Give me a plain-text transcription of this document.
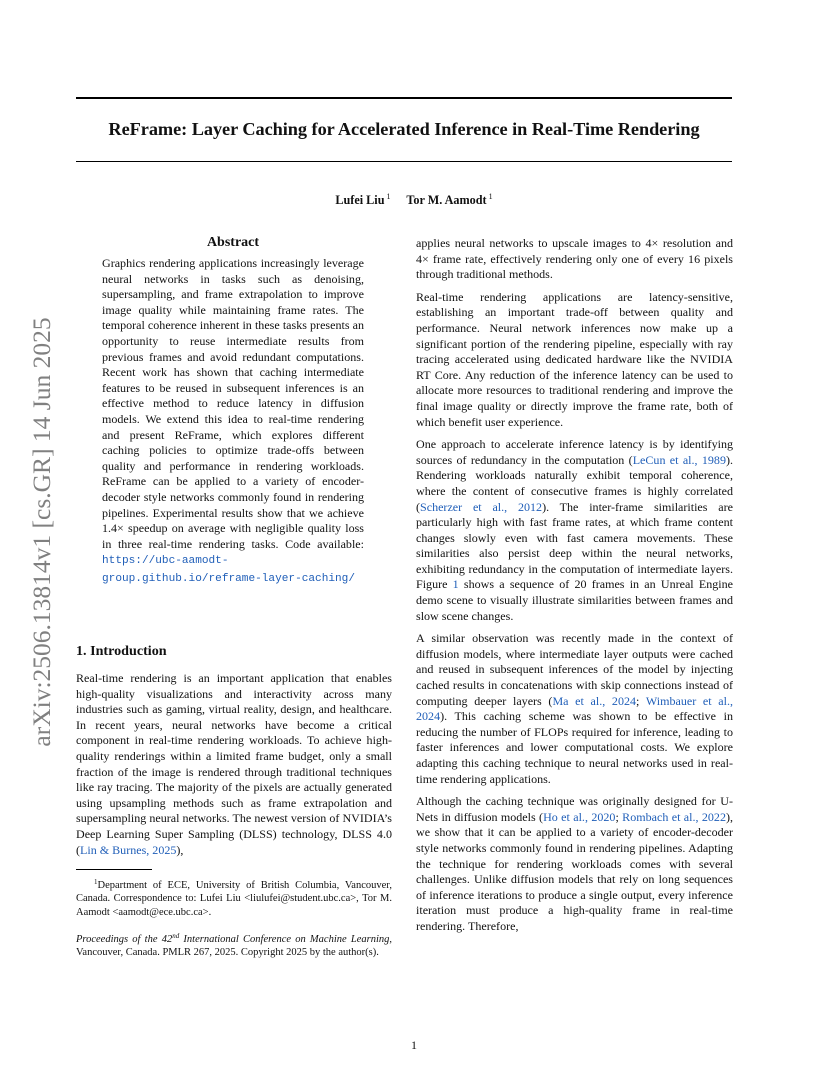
ReFrame: Layer Caching for Accelerated Inference in Real-Time Rendering
Lufei Liu $^1$ Tor M. Aamodt $^1$
arXiv:2506.13814v1 [cs.GR] 14 Jun 2025
Abstract

Graphics rendering applications increasingly leverage neural networks in tasks such as denoising, supersampling, and frame extrapolation to improve image quality while maintaining frame rates. The temporal coherence inherent in these tasks presents an opportunity to reuse intermediate results from previous frames and avoid redundant computations. Recent work has shown that caching intermediate features to be reused in subsequent inferences is an effective method to reduce latency in diffusion models. We extend this idea to real-time rendering and present ReFrame, which explores different caching policies to optimize trade-offs between quality and performance in rendering workloads. ReFrame can be applied to a variety of encoder-decoder style networks commonly found in rendering pipelines. Experimental results show that we achieve 1.4× speedup on average with negligible quality loss in three real-time rendering tasks. Code available: https://ubc-aamodt-group.github.io/reframe-layer-caching/

1. Introduction

Real-time rendering is an important application that enables high-quality visualizations and interactivity across many industries such as gaming, virtual reality, design, and healthcare. In recent years, neural networks have become a critical component in real-time rendering workloads. To achieve high-quality renderings within a limited frame budget, only a small fraction of the image is rendered through traditional techniques like ray tracing. The majority of the pixels are actually generated using upsampling methods such as frame extrapolation and supersampling neural networks. The newest version of NVIDIA’s Deep Learning Super Sampling (DLSS) technology, DLSS 4.0 (Lin & Burnes, 2025),

$^1$Department of ECE, University of British Columbia, Vancouver, Canada. Correspondence to: Lufei Liu <liulufei@student.ubc.ca>, Tor M. Aamodt <aamodt@ece.ubc.ca>.
Proceedings of the 42nd International Conference on Machine Learning, Vancouver, Canada. PMLR 267, 2025. Copyright 2025 by the author(s).

applies neural networks to upscale images to 4× resolution and 4× frame rate, effectively rendering only one of every 16 pixels through traditional methods.

Real-time rendering applications are latency-sensitive, establishing an important trade-off between quality and performance. Neural network inferences now make up a significant portion of the rendering pipeline, especially with ray tracing accelerated using dedicated hardware like the NVIDIA RT Core. Any reduction of the inference latency can be used to allocate more resources to traditional rendering and improve the final image quality or directly improve the frame rate, both of which benefit user experience.

One approach to accelerate inference latency is by identifying sources of redundancy in the computation (LeCun et al., 1989). Rendering workloads naturally exhibit temporal coherence, where the content of consecutive frames is highly correlated (Scherzer et al., 2012). The inter-frame similarities are particularly high with fast frame rates, at which frame content changes slowly even with fast camera movements. These similarities also persist deep within the neural networks, exhibiting redundancy in the computation of intermediate layers. Figure 1 shows a sequence of 20 frames in an Unreal Engine demo scene to visually illustrate similarities between frames and slow scene changes.

A similar observation was recently made in the context of diffusion models, where intermediate layer outputs were cached and reused in subsequent inferences of the model by injecting cached results in concatenations with skip connections instead of computing deeper layers (Ma et al., 2024; Wimbauer et al., 2024). This caching scheme was shown to be effective in reducing the number of FLOPs required for inference, leading to faster inferences and lower computational costs. We explore adapting this caching technique to neural networks used in real-time rendering applications.

Although the caching technique was originally designed for U-Nets in diffusion models (Ho et al., 2020; Rombach et al., 2022), we show that it can be applied to a variety of encoder-decoder style networks commonly found in rendering pipelines. Adapting the technique for rendering workloads comes with several challenges. Unlike diffusion models that rely on long sequences of inference iterations to produce a single output, every inference iteration must produce a high-quality frame in real-time rendering. Therefore,

1
